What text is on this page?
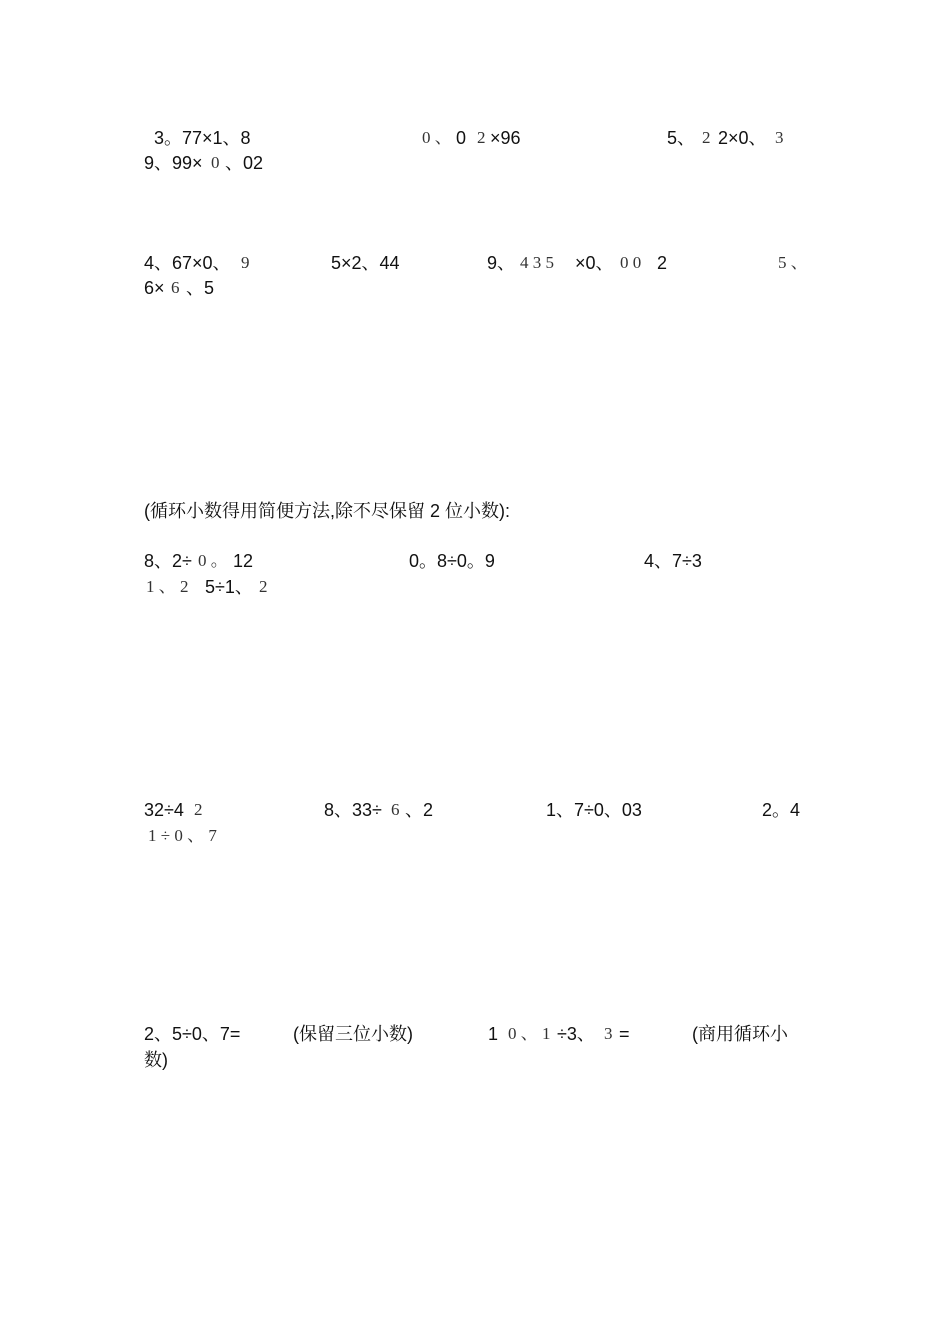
3。77×1、8	0 、 0 2 ×96	5、 2 2×0、 3
9、99× 0 、02
4、67×0、 9	5×2、44	9、 4 3 5 ×0、 0 0 2	5 、
6× 6 、5
(循环小数得用简便方法,除不尽保留 2 位小数):
8、2÷ 0 。 12	0。8÷0。9	4、7÷3
1 、 2 5÷1、 2
32÷4 2	8、33÷ 6 、2	1、7÷0、03	2。4
1 ÷ 0 、 7
2、5÷0、7=	(保留三位小数)	1 0 、 1 ÷3、 3 =	(商用循环小
数)
